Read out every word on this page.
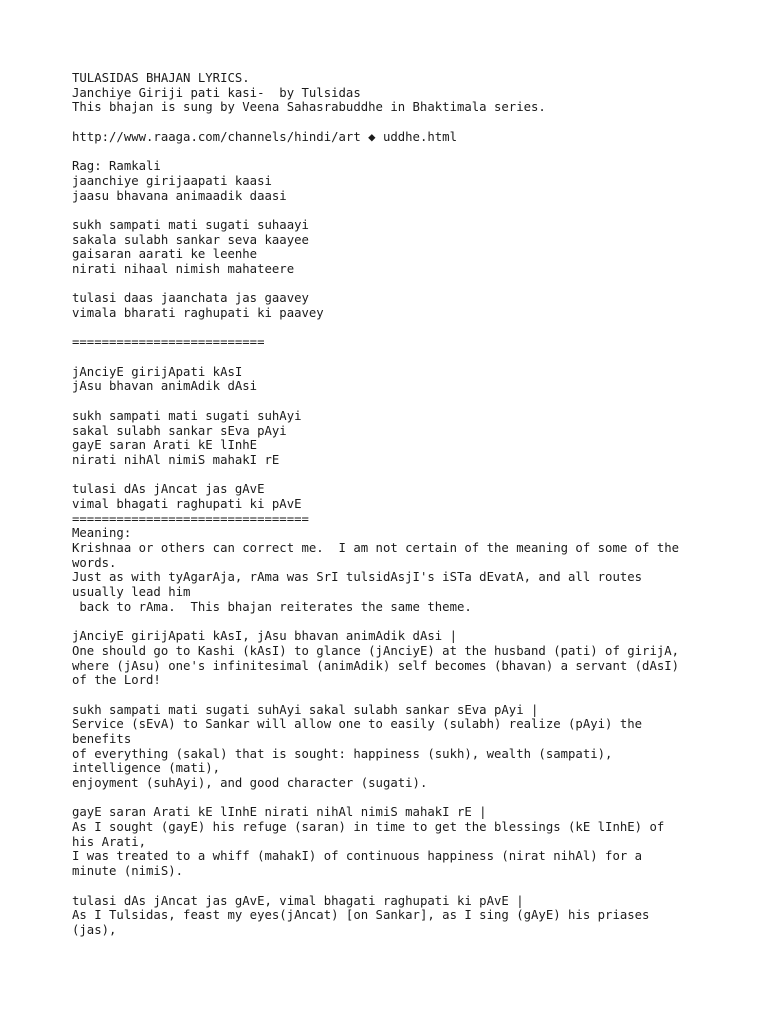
TULASIDAS BHAJAN LYRICS.
Janchiye Giriji pati kasi-  by Tulsidas
This bhajan is sung by Veena Sahasrabuddhe in Bhaktimala series.
http://www.raaga.com/channels/hindi/art ◆ uddhe.html
Rag: Ramkali
jaanchiye girijaapati kaasi
jaasu bhavana animaadik daasi
sukh sampati mati sugati suhaayi
sakala sulabh sankar seva kaayee
gaisaran aarati ke leenhe
nirati nihaal nimish mahateere
tulasi daas jaanchata jas gaavey
vimala bharati raghupati ki paavey
==========================
jAnciyE girijApati kAsI
jAsu bhavan animAdik dAsi
sukh sampati mati sugati suhAyi
sakal sulabh sankar sEva pAyi
gayE saran Arati kE lInhE
nirati nihAl nimiS mahakI rE
tulasi dAs jAncat jas gAvE
vimal bhagati raghupati ki pAvE
================================
Meaning:
Krishnaa or others can correct me.  I am not certain of the meaning of some of the
words.
Just as with tyAgarAja, rAma was SrI tulsidAsjI's iSTa dEvatA, and all routes
usually lead him
back to rAma.  This bhajan reiterates the same theme.
jAnciyE girijApati kAsI, jAsu bhavan animAdik dAsi |
One should go to Kashi (kAsI) to glance (jAnciyE) at the husband (pati) of girijA,
where (jAsu) one's infinitesimal (animAdik) self becomes (bhavan) a servant (dAsI)
of the Lord!
sukh sampati mati sugati suhAyi sakal sulabh sankar sEva pAyi |
Service (sEvA) to Sankar will allow one to easily (sulabh) realize (pAyi) the
benefits
of everything (sakal) that is sought: happiness (sukh), wealth (sampati),
intelligence (mati),
enjoyment (suhAyi), and good character (sugati).
gayE saran Arati kE lInhE nirati nihAl nimiS mahakI rE |
As I sought (gayE) his refuge (saran) in time to get the blessings (kE lInhE) of
his Arati,
I was treated to a whiff (mahakI) of continuous happiness (nirat nihAl) for a
minute (nimiS).
tulasi dAs jAncat jas gAvE, vimal bhagati raghupati ki pAvE |
As I Tulsidas, feast my eyes(jAncat) [on Sankar], as I sing (gAyE) his priases
(jas),
